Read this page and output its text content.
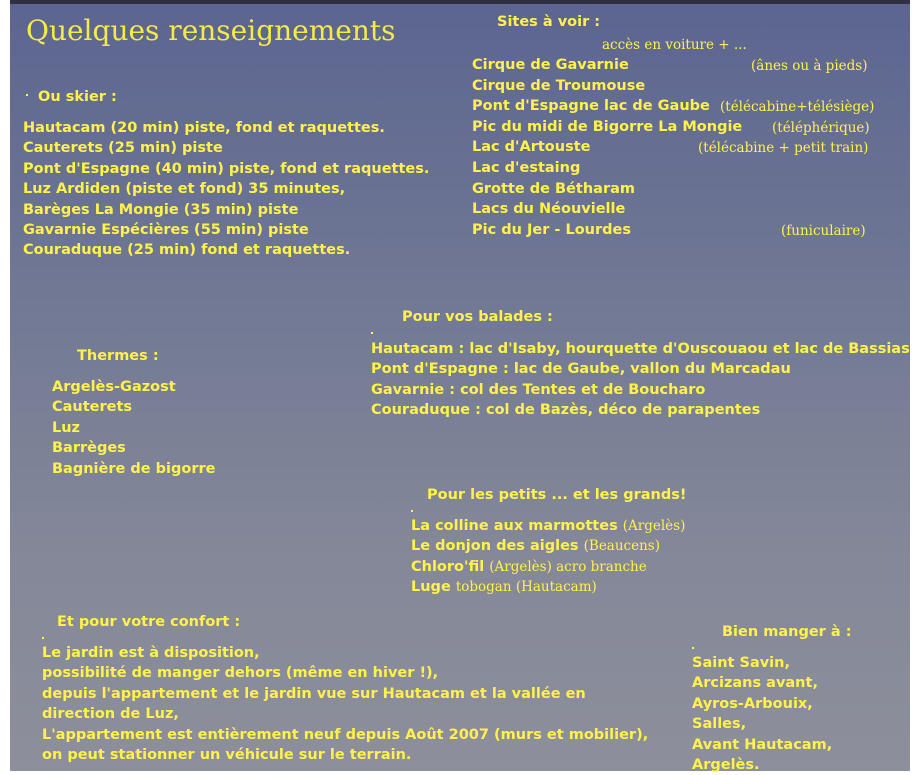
Quelques renseignements
Ou skier :
Hautacam (20 min) piste, fond et raquettes.
Cauterets (25 min) piste
Pont d'Espagne (40 min) piste, fond et raquettes.
Luz Ardiden (piste et fond) 35 minutes,
Barèges La Mongie (35 min) piste
Gavarnie Espécières (55 min) piste
Couraduque (25 min) fond et raquettes.
Sites à voir :
accès en voiture + ...
Cirque de Gavarnie	(ânes ou à pieds)
Cirque de Troumouse
Pont d'Espagne lac de Gaube (télécabine+télésiège)
Pic du midi de Bigorre La Mongie (téléphérique)
Lac d'Artouste	(télécabine + petit train)
Lac d'estaing
Grotte de Bétharam
Lacs du Néouvielle
Pic du Jer - Lourdes	(funiculaire)
Pour vos balades :
Hautacam : lac d'Isaby, hourquette d'Ouscouaou et lac de Bassias
Pont d'Espagne : lac de Gaube, vallon du Marcadau
Gavarnie : col des Tentes et de Boucharo
Couraduque : col de Bazès, déco de parapentes
Thermes :
Argelès-Gazost
Cauterets
Luz
Barrèges
Bagnière de bigorre
Pour les petits ... et les grands!
La colline aux marmottes (Argelès)
Le donjon des aigles (Beaucens)
Chloro'fil (Argelès) acro branche
Luge tobogan (Hautacam)
Et pour votre confort :
Le jardin est à disposition,
possibilité de manger dehors (même en hiver !),
depuis l'appartement et le jardin vue sur Hautacam et la vallée en
direction de Luz,
L'appartement est entièrement neuf depuis Août 2007 (murs et mobilier),
on peut stationner un véhicule sur le terrain.
Bien manger à :
Saint Savin,
Arcizans avant,
Ayros-Arbouix,
Salles,
Avant Hautacam,
Argelès.
